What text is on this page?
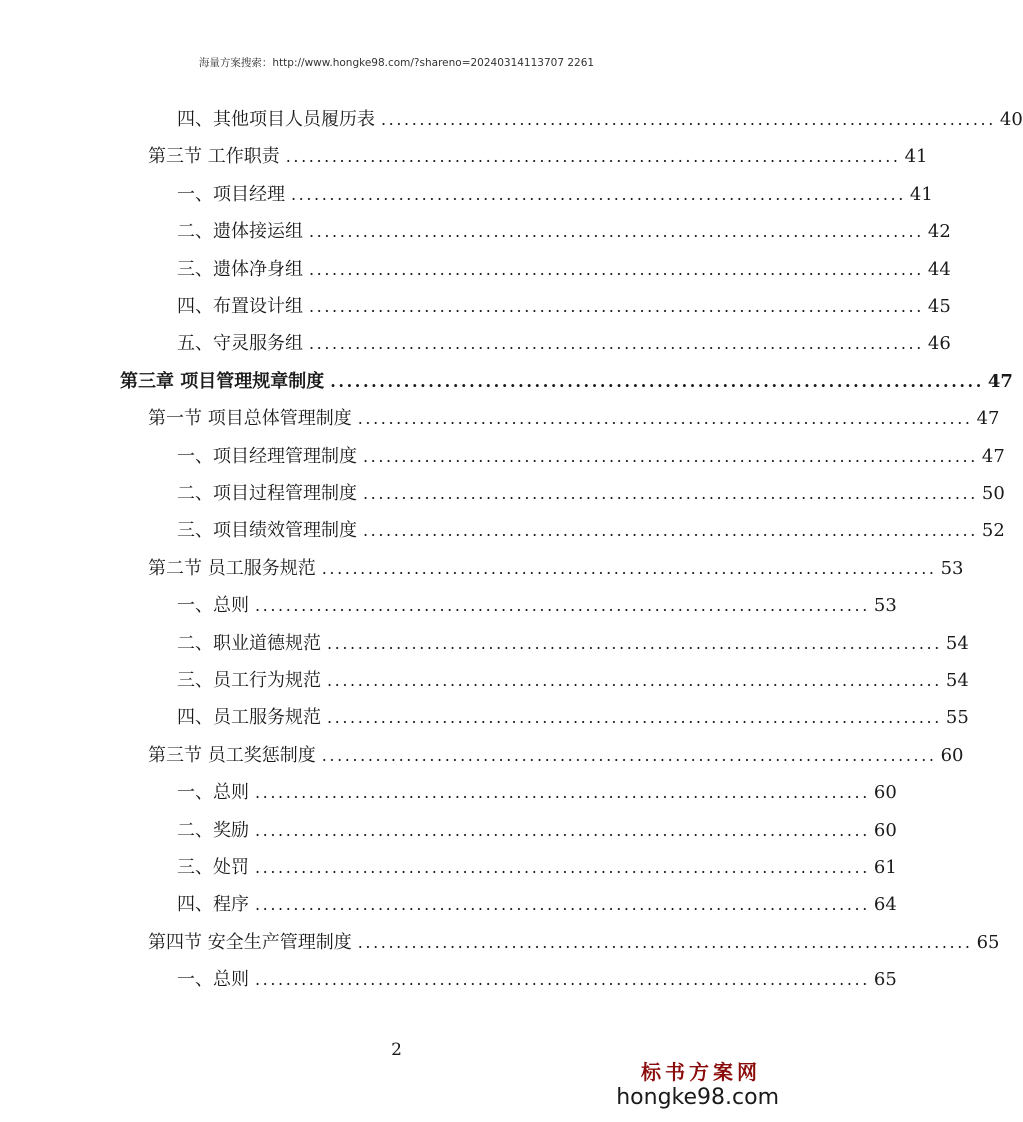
海量方案搜索：http://www.hongke98.com/?shareno=20240314113707 2261
四、其他项目人员履历表 ................................................................................ 40
第三节 工作职责 ................................................................................ 41
一、项目经理 ................................................................................ 41
二、遗体接运组 ................................................................................ 42
三、遗体净身组 ................................................................................ 44
四、布置设计组 ................................................................................ 45
五、守灵服务组 ................................................................................ 46
第三章 项目管理规章制度 ................................................................................ 47
第一节 项目总体管理制度 ................................................................................ 47
一、项目经理管理制度 ................................................................................ 47
二、项目过程管理制度 ................................................................................ 50
三、项目绩效管理制度 ................................................................................ 52
第二节 员工服务规范 ................................................................................ 53
一、总则 ................................................................................ 53
二、职业道德规范 ................................................................................ 54
三、员工行为规范 ................................................................................ 54
四、员工服务规范 ................................................................................ 55
第三节 员工奖惩制度 ................................................................................ 60
一、总则 ................................................................................ 60
二、奖励 ................................................................................ 60
三、处罚 ................................................................................ 61
四、程序 ................................................................................ 64
第四节 安全生产管理制度 ................................................................................ 65
一、总则 ................................................................................ 65
2
标书方案网
hongke98.com
